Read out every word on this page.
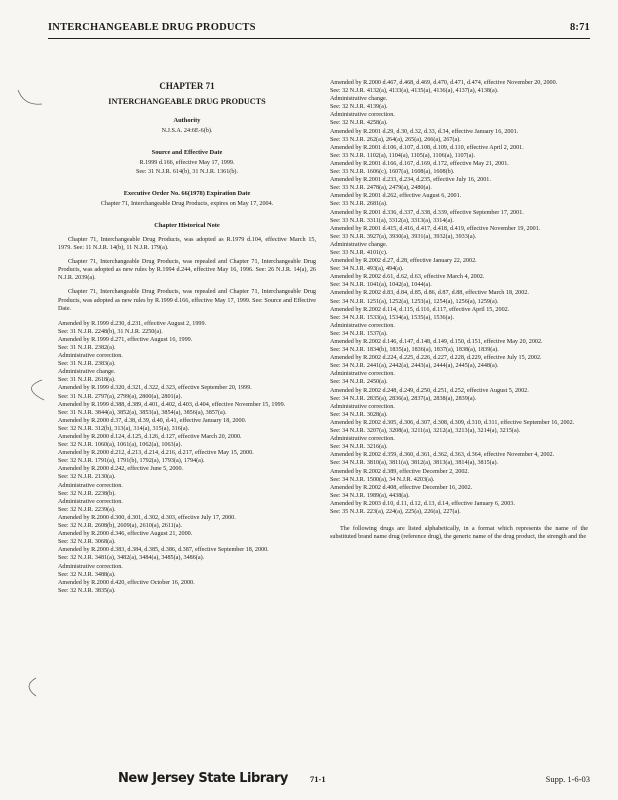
INTERCHANGEABLE DRUG PRODUCTS	8:71
CHAPTER 71
INTERCHANGEABLE DRUG PRODUCTS
Authority
N.J.S.A. 24:6E-6(b).
Source and Effective Date
R.1999 d.166, effective May 17, 1999.
See: 31 N.J.R. 614(b), 31 N.J.R. 1361(b).
Executive Order No. 66(1978) Expiration Date
Chapter 71, Interchangeable Drug Products, expires on May 17, 2004.
Chapter Historical Note
Chapter 71, Interchangeable Drug Products, was adopted as R.1979 d.104, effective March 15, 1979. See: 11 N.J.R. 14(b), 11 N.J.R. 179(a).
Chapter 71, Interchangeable Drug Products, was repealed and Chapter 71, Interchangeable Drug Products, was adopted as new rules by R.1994 d.244, effective May 16, 1996. See: 26 N.J.R. 14(a), 26 N.J.R. 2039(a).
Chapter 71, Interchangeable Drug Products, was repealed and Chapter 71, Interchangeable Drug Products, was adopted as new rules by R.1999 d.166, effective May 17, 1999. See: Source and Effective Date.
Amended by R.1999 d.230, d.231, effective August 2, 1999.
See: 31 N.J.R. 2248(b), 31 N.J.R. 2250(a).
Amended by R.1999 d.271, effective August 16, 1999.
See: 31 N.J.R. 2382(a).
Administrative correction.
See: 31 N.J.R. 2383(a).
Administrative change.
See: 31 N.J.R. 2618(a).
Amended by R.1999 d.320, d.321, d.322, d.323, effective September 20, 1999.
See: 31 N.J.R. 2797(a), 2799(a), 2800(a), 2801(a).
Amended by R.1999 d.388, d.389, d.401, d.402, d.403, d.404, effective November 15, 1999.
See: 31 N.J.R. 3844(a), 3852(a), 3853(a), 3854(a), 3856(a), 3857(a).
Amended by R.2000 d.37, d.38, d.39, d.40, d.41, effective January 18, 2000.
See: 32 N.J.R. 312(b), 313(a), 314(a), 315(a), 316(a).
Amended by R.2000 d.124, d.125, d.126, d.127, effective March 20, 2000.
See: 32 N.J.R. 1060(a), 1061(a), 1062(a), 1063(a).
Amended by R.2000 d.212, d.213, d.214, d.216, d.217, effective May 15, 2000.
See: 32 N.J.R. 1791(a), 1791(b), 1792(a), 1793(a), 1794(a).
Amended by R.2000 d.242, effective June 5, 2000.
See: 32 N.J.R. 2130(a).
Administrative correction.
See: 32 N.J.R. 2238(b).
Administrative correction.
See: 32 N.J.R. 2239(a).
Amended by R.2000 d.300, d.301, d.302, d.303, effective July 17, 2000.
See: 32 N.J.R. 2608(b), 2609(a), 2610(a), 2611(a).
Amended by R.2000 d.346, effective August 21, 2000.
See: 32 N.J.R. 3068(a).
Amended by R.2000 d.383, d.384, d.385, d.386, d.387, effective September 18, 2000.
See: 32 N.J.R. 3481(a), 3482(a), 3484(a), 3485(a), 3486(a).
Administrative correction.
See: 32 N.J.R. 3488(a).
Amended by R.2000 d.420, effective October 16, 2000.
See: 32 N.J.R. 3835(a).
Amended by R.2000 d.467, d.468, d.469, d.470, d.471, d.474, effective November 20, 2000.
See: 32 N.J.R. 4132(a), 4133(a), 4135(a), 4136(a), 4137(a), 4138(a).
Administrative change.
See: 32 N.J.R. 4139(a).
Administrative correction.
See: 32 N.J.R. 4258(a).
Amended by R.2001 d.29, d.30, d.32, d.33, d.34, effective January 16, 2001.
See: 33 N.J.R. 262(a), 264(a), 265(a), 266(a), 267(a).
Amended by R.2001 d.106, d.107, d.108, d.109, d.110, effective April 2, 2001.
See: 33 N.J.R. 1102(a), 1104(a), 1105(a), 1106(a), 1107(a).
Amended by R.2001 d.166, d.167, d.169, d.172, effective May 21, 2001.
See: 33 N.J.R. 1606(c), 1607(a), 1608(a), 1608(b).
Amended by R.2001 d.233, d.234, d.235, effective July 16, 2001.
See: 33 N.J.R. 2478(a), 2479(a), 2480(a).
Amended by R.2001 d.262, effective August 6, 2001.
See: 33 N.J.R. 2681(a).
Amended by R.2001 d.336, d.337, d.338, d.339, effective September 17, 2001.
See: 33 N.J.R. 3311(a), 3312(a), 3313(a), 3314(a).
Amended by R.2001 d.415, d.416, d.417, d.418, d.419, effective November 19, 2001.
See: 33 N.J.R. 3927(a), 3930(a), 3931(a), 3932(a), 3933(a).
Administrative change.
See: 33 N.J.R. 4101(c).
Amended by R.2002 d.27, d.28, effective January 22, 2002.
See: 34 N.J.R. 493(a), 494(a).
Amended by R.2002 d.61, d.62, d.63, effective March 4, 2002.
See: 34 N.J.R. 1041(a), 1042(a), 1044(a).
Amended by R.2002 d.83, d.84, d.85, d.86, d.87, d.88, effective March 18, 2002.
See: 34 N.J.R. 1251(a), 1252(a), 1253(a), 1254(a), 1256(a), 1259(a).
Amended by R.2002 d.114, d.115, d.116, d.117, effective April 15, 2002.
See: 34 N.J.R. 1533(a), 1534(a), 1535(a), 1536(a).
Administrative correction.
See: 34 N.J.R. 1537(a).
Amended by R.2002 d.146, d.147, d.148, d.149, d.150, d.151, effective May 20, 2002.
See: 34 N.J.R. 1834(b), 1835(a), 1836(a), 1837(a), 1838(a), 1839(a).
Amended by R.2002 d.224, d.225, d.226, d.227, d.228, d.229, effective July 15, 2002.
See: 34 N.J.R. 2441(a), 2442(a), 2443(a), 2444(a), 2445(a), 2448(a).
Administrative correction.
See: 34 N.J.R. 2450(a).
Amended by R.2002 d.248, d.249, d.250, d.251, d.252, effective August 5, 2002.
See: 34 N.J.R. 2835(a), 2836(a), 2837(a), 2838(a), 2839(a).
Administrative correction.
See: 34 N.J.R. 3028(a).
Amended by R.2002 d.305, d.306, d.307, d.308, d.309, d.310, d.311, effective September 16, 2002.
See: 34 N.J.R. 3207(a), 3208(a), 3211(a), 3212(a), 3213(a), 3214(a), 3215(a).
Administrative correction.
See: 34 N.J.R. 3216(a).
Amended by R.2002 d.359, d.360, d.361, d.362, d.363, d.364, effective November 4, 2002.
See: 34 N.J.R. 3810(a), 3811(a), 3812(a), 3813(a), 3814(a), 3815(a).
Amended by R.2002 d.389, effective December 2, 2002.
See: 34 N.J.R. 1500(a), 34 N.J.R. 4203(a).
Amended by R.2002 d.408, effective December 16, 2002.
See: 34 N.J.R. 1989(a), 4438(a).
Amended by R.2003 d.10, d.11, d.12, d.13, d.14, effective January 6, 2003.
See: 35 N.J.R. 223(a), 224(a), 225(a), 226(a), 227(a).
The following drugs are listed alphabetically, in a format which represents the name of the substituted brand name drug (reference drug), the generic name of the drug product, the strength and the
New Jersey State Library	71-1	Supp. 1-6-03
